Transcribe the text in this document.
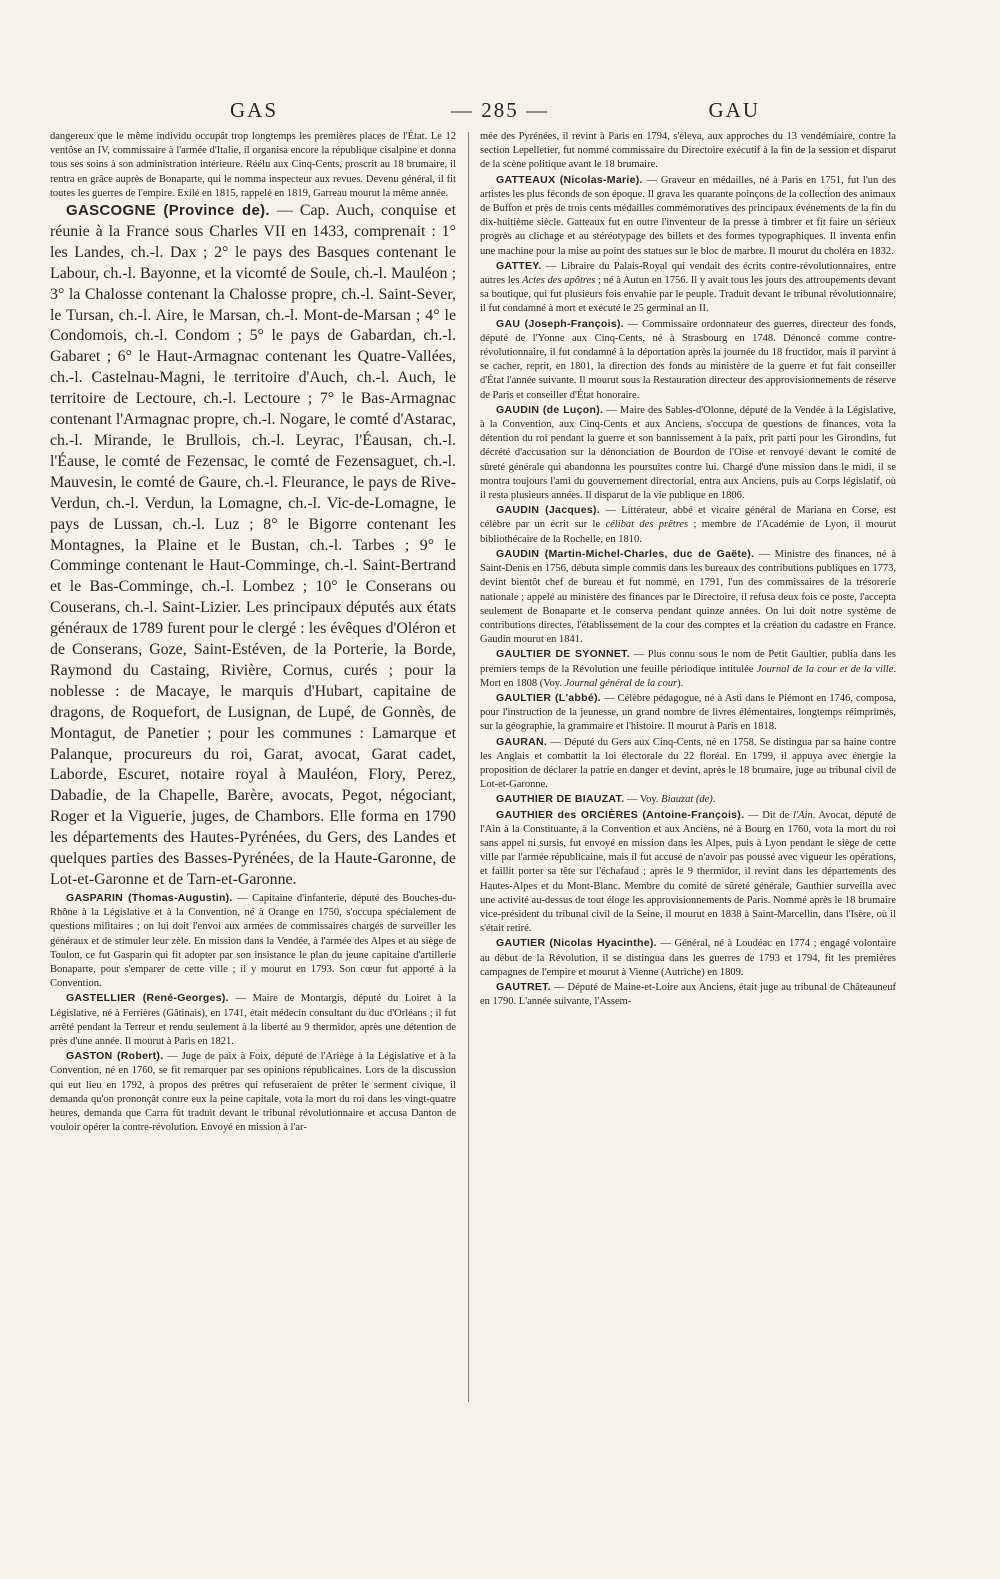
GAS	— 285 —	GAU

dangereux que le même individu occupât trop longtemps les premières places de l'État. Le 12 ventôse an IV, commissaire à l'armée d'Italie, il organisa encore la république cisalpine et donna tous ses soins à son administration intérieure. Réélu aux Cinq-Cents, proscrit au 18 brumaire, il rentra en grâce auprès de Bonaparte, qui le nomma inspecteur aux revues. Devenu général, il fit toutes les guerres de l'empire. Exilé en 1815, rappelé en 1819, Garreau mourut la même année.

GASCOGNE (Province de). — Cap. Auch, conquise et réunie à la France sous Charles VII en 1433, comprenait : 1° les Landes, ch.-l. Dax ; 2° le pays des Basques contenant le Labour, ch.-l. Bayonne, et la vicomté de Soule, ch.-l. Mauléon ; 3° la Chalosse contenant la Chalosse propre, ch.-l. Saint-Sever, le Tursan, ch.-l. Aire, le Marsan, ch.-l. Mont-de-Marsan ; 4° le Condomois, ch.-l. Condom ; 5° le pays de Gabardan, ch.-l. Gabaret ; 6° le Haut-Armagnac contenant les Quatre-Vallées, ch.-l. Castelnau-Magni, le territoire d'Auch, ch.-l. Auch, le territoire de Lectoure, ch.-l. Lectoure ; 7° le Bas-Armagnac contenant l'Armagnac propre, ch.-l. Nogare, le comté d'Astarac, ch.-l. Mirande, le Brullois, ch.-l. Leyrac, l'Éausan, ch.-l. l'Éause, le comté de Fezensac, le comté de Fezensaguet, ch.-l. Mauvesin, le comté de Gaure, ch.-l. Fleurance, le pays de Rive-Verdun, ch.-l. Verdun, la Lomagne, ch.-l. Vic-de-Lomagne, le pays de Lussan, ch.-l. Luz ; 8° le Bigorre contenant les Montagnes, la Plaine et le Bustan, ch.-l. Tarbes ; 9° le Comminge contenant le Haut-Comminge, ch.-l. Saint-Bertrand et le Bas-Comminge, ch.-l. Lombez ; 10° le Conserans ou Couserans, ch.-l. Saint-Lizier. Les principaux députés aux états généraux de 1789 furent pour le clergé : les évêques d'Oléron et de Conserans, Goze, Saint-Estéven, de la Porterie, la Borde, Raymond du Castaing, Rivière, Cornus, curés ; pour la noblesse : de Macaye, le marquis d'Hubart, capitaine de dragons, de Roquefort, de Lusignan, de Lupé, de Gonnès, de Montagut, de Panetier ; pour les communes : Lamarque et Palanque, procureurs du roi, Garat, avocat, Garat cadet, Laborde, Escuret, notaire royal à Mauléon, Flory, Perez, Dabadie, de la Chapelle, Barère, avocats, Pegot, négociant, Roger et la Viguerie, juges, de Chambors. Elle forma en 1790 les départements des Hautes-Pyrénées, du Gers, des Landes et quelques parties des Basses-Pyrénées, de la Haute-Garonne, de Lot-et-Garonne et de Tarn-et-Garonne.

GASPARIN (Thomas-Augustin). — Capitaine d'infanterie, député des Bouches-du-Rhône à la Législative et à la Convention, né à Orange en 1750, s'occupa spécialement de questions militaires ; on lui doit l'envoi aux armées de commissaires chargés de surveiller les généraux et de stimuler leur zèle. En mission dans la Vendée, à l'armée des Alpes et au siège de Toulon, ce fut Gasparin qui fit adopter par son insistance le plan du jeune capitaine d'artillerie Bonaparte, pour s'emparer de cette ville ; il y mourut en 1793. Son cœur fut apporté à la Convention.

GASTELLIER (René-Georges). — Maire de Montargis, député du Loiret à la Législative, né à Ferrières (Gâtinais), en 1741, était médecin consultant du duc d'Orléans ; il fut arrêté pendant la Terreur et rendu seulement à la liberté au 9 thermidor, après une détention de près d'une année. Il mourut à Paris en 1821.

GASTON (Robert). — Juge de paix à Foix, député de l'Ariège à la Législative et à la Convention, né en 1760, se fit remarquer par ses opinions républicaines. Lors de la discussion qui eut lieu en 1792, à propos des prêtres qui refuseraient de prêter le serment civique, il demanda qu'on prononçât contre eux la peine capitale, vota la mort du roi dans les vingt-quatre heures, demanda que Carra fût traduit devant le tribunal révolutionnaire et accusa Danton de vouloir opérer la contre-révolution. Envoyé en mission à l'ar-

mée des Pyrénées, il revint à Paris en 1794, s'éleva, aux approches du 13 vendémiaire, contre la section Lepelletier, fut nommé commissaire du Directoire exécutif à la fin de la session et disparut de la scène politique avant le 18 brumaire.

GATTEAUX (Nicolas-Marie). — Graveur en médailles, né à Paris en 1751, fut l'un des artistes les plus féconds de son époque. Il grava les quarante poinçons de la collection des animaux de Buffon et près de trois cents médailles commémoratives des principaux événements de la fin du dix-huitième siècle. Gatteaux fut en outre l'inventeur de la presse à timbrer et fit faire un sérieux progrès au clichage et au stéréotypage des billets et des formes typographiques. Il inventa enfin une machine pour la mise au point des statues sur le bloc de marbre. Il mourut du choléra en 1832.

GATTEY. — Libraire du Palais-Royal qui vendait des écrits contre-révolutionnaires, entre autres les Actes des apôtres ; né à Autun en 1756. Il y avait tous les jours des attroupements devant sa boutique, qui fut plusieurs fois envahie par le peuple. Traduit devant le tribunal révolutionnaire, il fut condamné à mort et exécuté le 25 germinal an II.

GAU (Joseph-François). — Commissaire ordonnateur des guerres, directeur des fonds, député de l'Yonne aux Cinq-Cents, né à Strasbourg en 1748. Dénoncé comme contre-révolutionnaire, il fut condamné à la déportation après la journée du 18 fructidor, mais il parvint à se cacher, reprit, en 1801, la direction des fonds au ministère de la guerre et fut fait conseiller d'État l'année suivante. Il mourut sous la Restauration directeur des approvisionnements de réserve de Paris et conseiller d'État honoraire.

GAUDIN (de Luçon). — Maire des Sables-d'Olonne, député de la Vendée à la Législative, à la Convention, aux Cinq-Cents et aux Anciens, s'occupa de questions de finances, vota la détention du roi pendant la guerre et son bannissement à la paix, prit parti pour les Girondins, fut décrété d'accusation sur la dénonciation de Bourdon de l'Oise et renvoyé devant le comité de sûreté générale qui abandonna les poursuites contre lui. Chargé d'une mission dans le midi, il se montra toujours l'ami du gouvernement directorial, entra aux Anciens, puis au Corps législatif, où il resta plusieurs années. Il disparut de la vie publique en 1806.

GAUDIN (Jacques). — Littérateur, abbé et vicaire général de Mariana en Corse, est célèbre par un écrit sur le célibat des prêtres ; membre de l'Académie de Lyon, il mourut bibliothécaire de la Rochelle, en 1810.

GAUDIN (Martin-Michel-Charles, duc de Gaëte). — Ministre des finances, né à Saint-Denis en 1756, débuta simple commis dans les bureaux des contributions publiques en 1773, devint bientôt chef de bureau et fut nommé, en 1791, l'un des commissaires de la trésorerie nationale ; appelé au ministère des finances par le Directoire, il refusa deux fois ce poste, l'accepta seulement de Bonaparte et le conserva pendant quinze années. On lui doit notre système de contributions directes, l'établissement de la cour des comptes et la création du cadastre en France. Gaudin mourut en 1841.

GAULTIER DE SYONNET. — Plus connu sous le nom de Petit Gaultier, publia dans les premiers temps de la Révolution une feuille périodique intitulée Journal de la cour et de la ville. Mort en 1808 (Voy. Journal général de la cour).

GAULTIER (L'abbé). — Célèbre pédagogue, né à Asti dans le Piémont en 1746, composa, pour l'instruction de la jeunesse, un grand nombre de livres élémentaires, longtemps réimprimés, sur la géographie, la grammaire et l'histoire. Il mourut à Paris en 1818.

GAURAN. — Député du Gers aux Cinq-Cents, né en 1758. Se distingua par sa haine contre les Anglais et combattit la loi électorale du 22 floréal. En 1799, il appuya avec énergie la proposition de déclarer la patrie en danger et devint, après le 18 brumaire, juge au tribunal civil de Lot-et-Garonne.

GAUTHIER DE BIAUZAT. — Voy. Biauzat (de).

GAUTHIER des ORCIÈRES (Antoine-François). — Dit de l'Ain. Avocat, député de l'Ain à la Constituante, à la Convention et aux Anciens, né à Bourg en 1760, vota la mort du roi sans appel ni sursis, fut envoyé en mission dans les Alpes, puis à Lyon pendant le siège de cette ville par l'armée républicaine, mais il fut accusé de n'avoir pas poussé avec vigueur les opérations, et faillit porter sa tête sur l'échafaud ; après le 9 thermidor, il revint dans les départements des Hautes-Alpes et du Mont-Blanc. Membre du comité de sûreté générale, Gauthier surveilla avec une activité au-dessus de tout éloge les approvisionnements de Paris. Nommé après le 18 brumaire vice-président du tribunal civil de la Seine, il mourut en 1838 à Saint-Marcellin, dans l'Isère, où il s'était retiré.

GAUTIER (Nicolas Hyacinthe). — Général, né à Loudéac en 1774 ; engagé volontaire au début de la Révolution, il se distingua dans les guerres de 1793 et 1794, fit les premières campagnes de l'empire et mourut à Vienne (Autriche) en 1809.

GAUTRET. — Député de Maine-et-Loire aux Anciens, était juge au tribunal de Châteauneuf en 1790. L'année suivante, l'Assem-
